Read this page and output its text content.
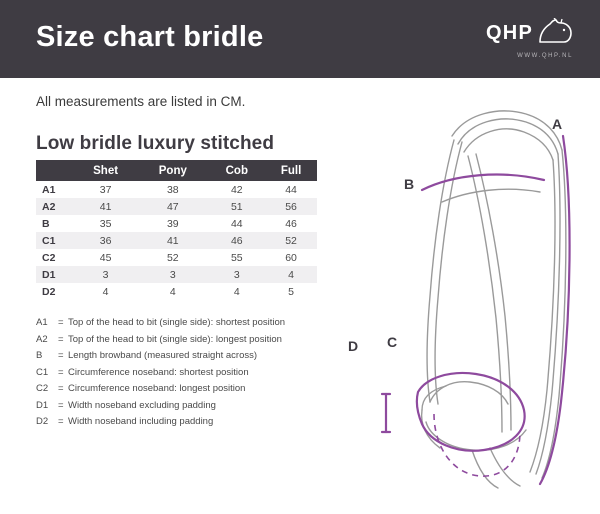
Size chart bridle	QHP
WWW.QHP.NL
All measurements are listed in CM.
Low bridle luxury stitched
	Shet	Pony	Cob	Full
A1	37	38	42	44
A2	41	47	51	56
B	35	39	44	46
C1	36	41	46	52
C2	45	52	55	60
D1	3	3	3	4
D2	4	4	4	5
A1	= Top of the head to bit (single side): shortest position
A2	= Top of the head to bit (single side): longest position
B	= Length browband (measured straight across)
C1	= Circumference noseband: shortest position
C2	= Circumference noseband: longest position
D1	= Width noseband excluding padding
D2	= Width noseband including padding
A
B
C
D
